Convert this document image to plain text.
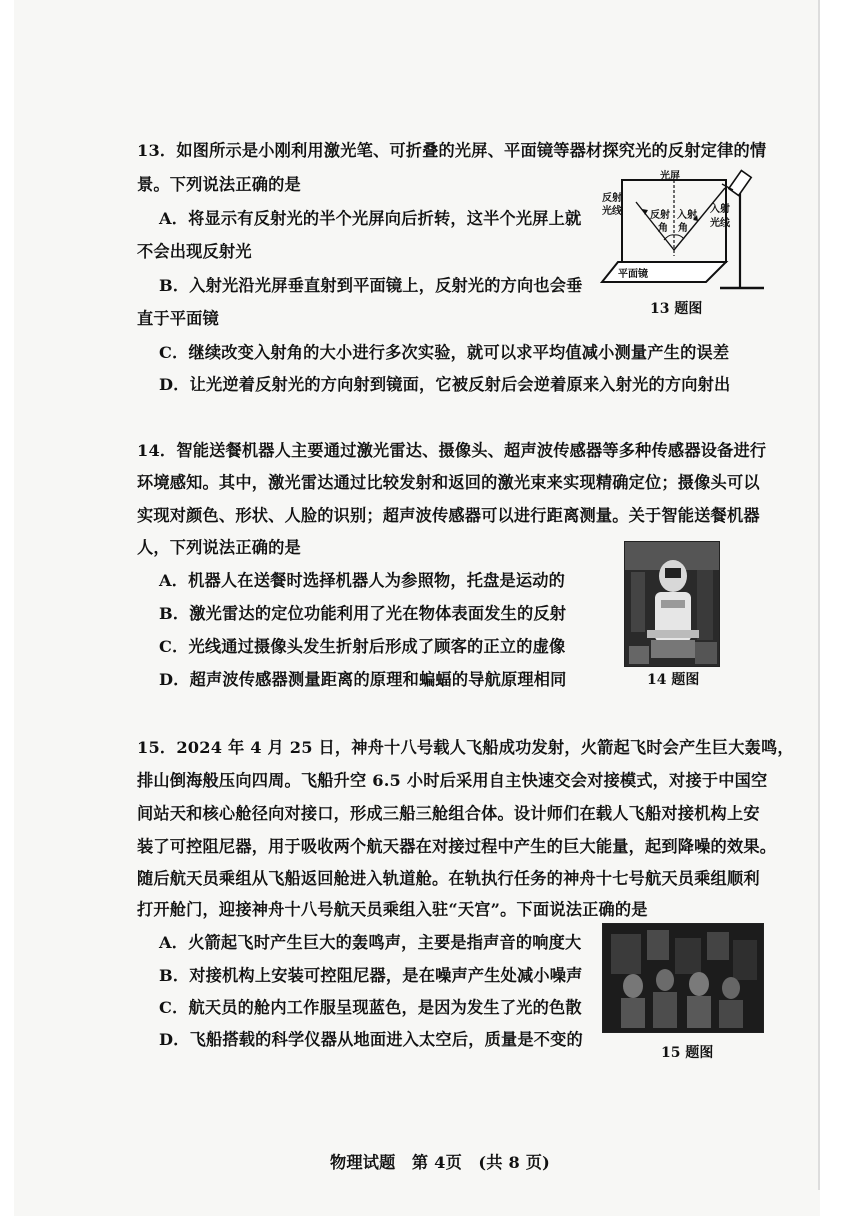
13．如图所示是小刚利用激光笔、可折叠的光屏、平面镜等器材探究光的反射定律的情
景。下列说法正确的是
A．将显示有反射光的半个光屏向后折转，这半个光屏上就
不会出现反射光
B．入射光沿光屏垂直射到平面镜上，反射光的方向也会垂
直于平面镜
C．继续改变入射角的大小进行多次实验，就可以求平均值减小测量产生的误差
D．让光逆着反射光的方向射到镜面，它被反射后会逆着原来入射光的方向射出
光屏
反射
光线	反射
角
入射
角
入射
光线
平面镜
13 题图
14．智能送餐机器人主要通过激光雷达、摄像头、超声波传感器等多种传感器设备进行
环境感知。其中，激光雷达通过比较发射和返回的激光束来实现精确定位；摄像头可以
实现对颜色、形状、人脸的识别；超声波传感器可以进行距离测量。关于智能送餐机器
人，下列说法正确的是
A．机器人在送餐时选择机器人为参照物，托盘是运动的
B．激光雷达的定位功能利用了光在物体表面发生的反射
C．光线通过摄像头发生折射后形成了顾客的正立的虚像
D．超声波传感器测量距离的原理和蝙蝠的导航原理相同	14 题图
15．2024 年 4 月 25 日，神舟十八号载人飞船成功发射，火箭起飞时会产生巨大轰鸣，
排山倒海般压向四周。飞船升空 6.5 小时后采用自主快速交会对接模式，对接于中国空
间站天和核心舱径向对接口，形成三船三舱组合体。设计师们在载人飞船对接机构上安
装了可控阻尼器，用于吸收两个航天器在对接过程中产生的巨大能量，起到降噪的效果。
随后航天员乘组从飞船返回舱进入轨道舱。在轨执行任务的神舟十七号航天员乘组顺利
打开舱门，迎接神舟十八号航天员乘组入驻“天宫”。下面说法正确的是
A．火箭起飞时产生巨大的轰鸣声，主要是指声音的响度大
B．对接机构上安装可控阻尼器，是在噪声产生处减小噪声
C．航天员的舱内工作服呈现蓝色，是因为发生了光的色散
D．飞船搭载的科学仪器从地面进入太空后，质量是不变的
15 题图
物理试题　第 4页　(共 8 页)
